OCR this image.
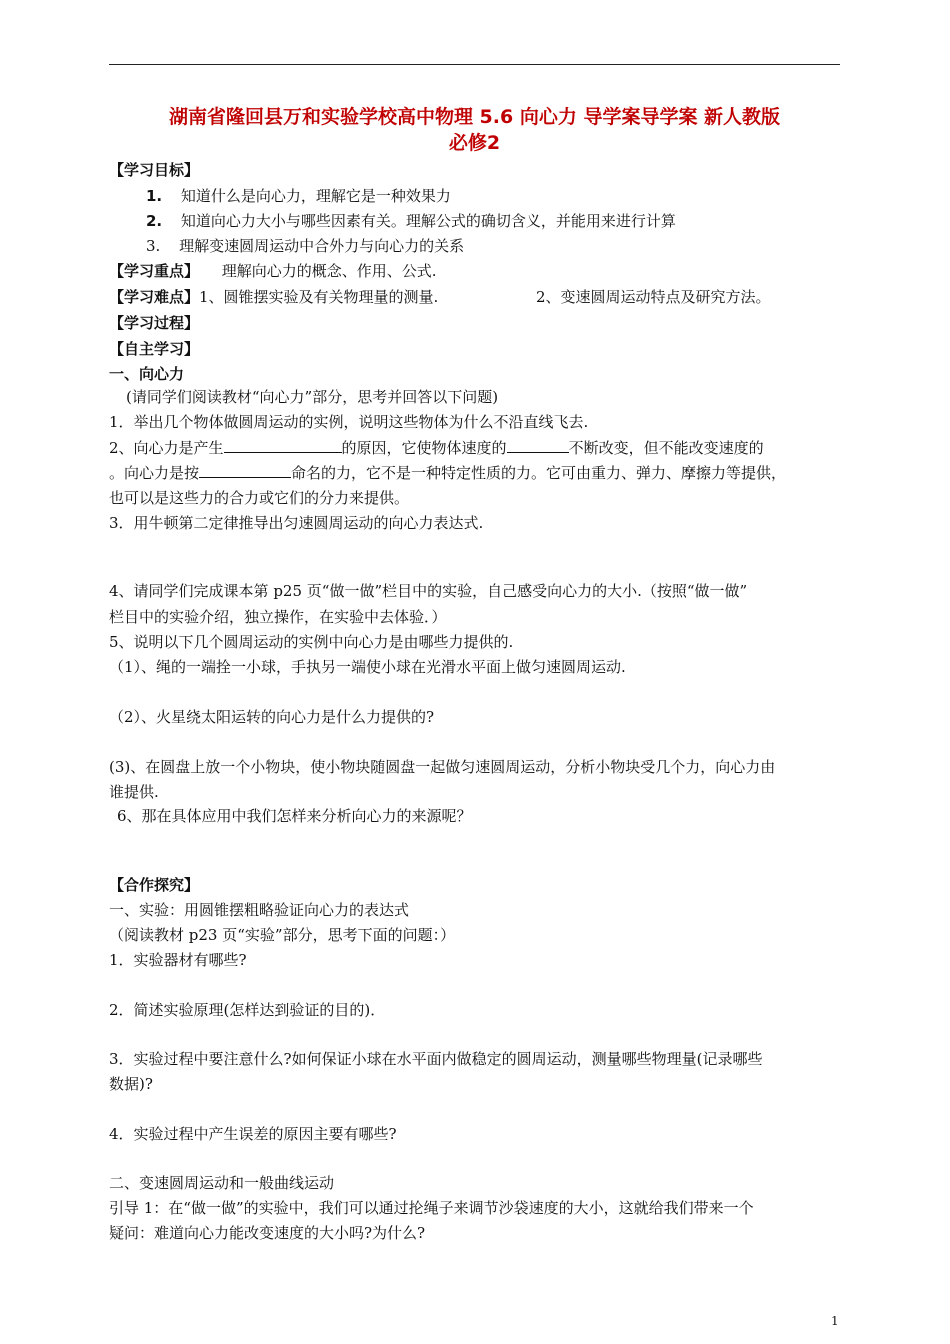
湖南省隆回县万和实验学校高中物理 5.6 向心力 导学案导学案 新人教版
必修2
【学习目标】
1. 知道什么是向心力，理解它是一种效果力
2. 知道向心力大小与哪些因素有关。理解公式的确切含义，并能用来进行计算
3. 理解变速圆周运动中合外力与向心力的关系
【学习重点】 理解向心力的概念、作用、公式.
【学习难点】1、圆锥摆实验及有关物理量的测量.	2、变速圆周运动特点及研究方法。
【学习过程】
【自主学习】
一、向心力
(请同学们阅读教材“向心力”部分，思考并回答以下问题)
1．举出几个物体做圆周运动的实例，说明这些物体为什么不沿直线飞去.
2、向心力是产生	的原因，它使物体速度的	不断改变，但不能改变速度的
。向心力是按	命名的力，它不是一种特定性质的力。它可由重力、弹力、摩擦力等提供，
也可以是这些力的合力或它们的分力来提供。
3．用牛顿第二定律推导出匀速圆周运动的向心力表达式.
4、请同学们完成课本第 p25 页“做一做”栏目中的实验，自己感受向心力的大小.（按照“做一做”
栏目中的实验介绍，独立操作，在实验中去体验．）
5、说明以下几个圆周运动的实例中向心力是由哪些力提供的.
（1）、绳的一端拴一小球，手执另一端使小球在光滑水平面上做匀速圆周运动.
（2）、火星绕太阳运转的向心力是什么力提供的?
(3)、在圆盘上放一个小物块，使小物块随圆盘一起做匀速圆周运动，分析小物块受几个力，向心力由
谁提供.
6、那在具体应用中我们怎样来分析向心力的来源呢？
【合作探究】
一、实验：用圆锥摆粗略验证向心力的表达式
（阅读教材 p23 页“实验”部分，思考下面的问题：）
1．实验器材有哪些?
2．简述实验原理(怎样达到验证的目的)．
3．实验过程中要注意什么?如何保证小球在水平面内做稳定的圆周运动，测量哪些物理量(记录哪些
数据)?
4．实验过程中产生误差的原因主要有哪些?
二、变速圆周运动和一般曲线运动
引导 1：在“做一做”的实验中，我们可以通过抡绳子来调节沙袋速度的大小，这就给我们带来一个
疑问：难道向心力能改变速度的大小吗?为什么?
1
